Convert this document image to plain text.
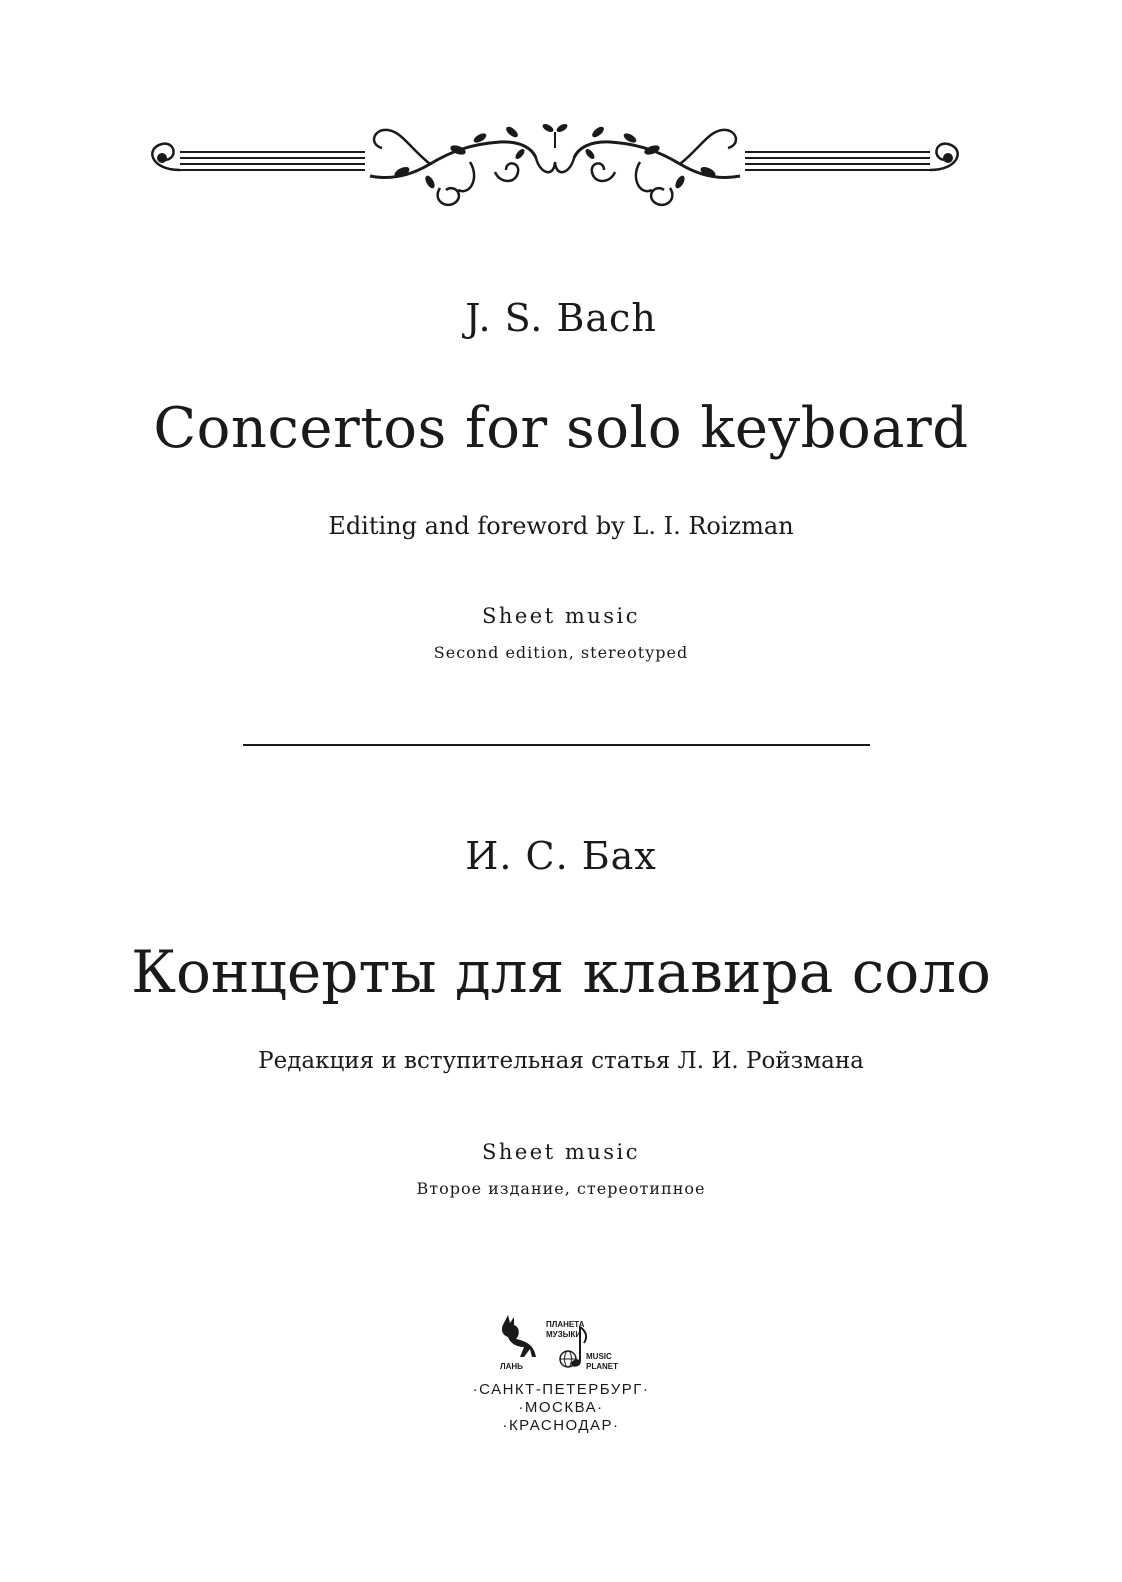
J. S. Bach
Concertos for solo keyboard
Editing and foreword by L. I. Roizman
Sheet music
Second edition, stereotyped
И. С. Бах
Концерты для клавира соло
Редакция и вступительная статья Л. И. Ройзмана
Sheet music
Второе издание, стереотипное
ЛАНЬ
ПЛАНЕТА
МУЗЫКИ
MUSIC
PLANET
·САНКТ-ПЕТЕРБУРГ·
·МОСКВА·
·КРАСНОДАР·
